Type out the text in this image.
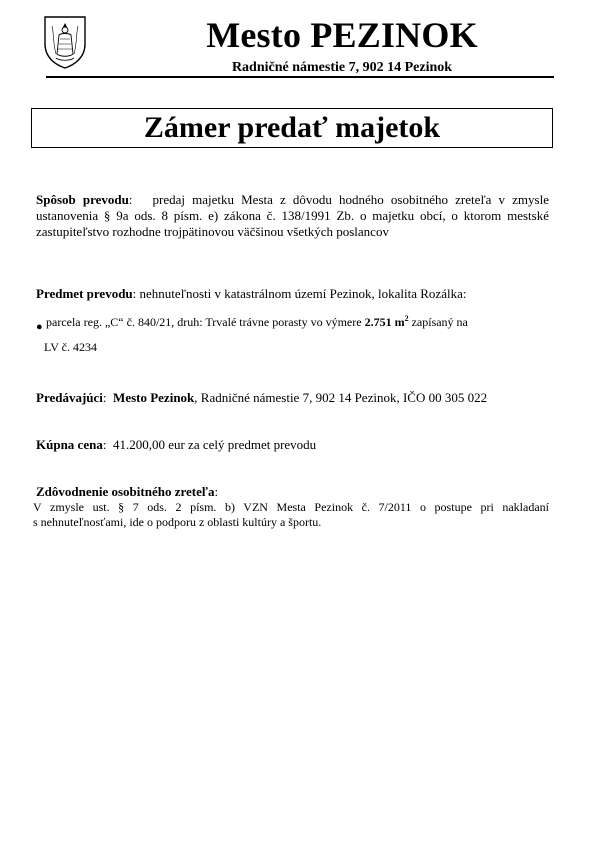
Mesto PEZINOK
Radničné námestie 7, 902 14 Pezinok
Zámer predať majetok
Spôsob prevodu: predaj majetku Mesta z dôvodu hodného osobitného zreteľa v zmysle ustanovenia § 9a ods. 8 písm. e) zákona č. 138/1991 Zb. o majetku obcí, o ktorom mestské zastupiteľstvo rozhodne trojpätinovou väčšinou všetkých poslancov
Predmet prevodu: nehnuteľnosti v katastrálnom území Pezinok, lokalita Rozálka:
● parcela reg. „C“ č. 840/21, druh: Trvalé trávne porasty vo výmere 2.751 $m^2$ zapísaný na
LV č. 4234
Predávajúci: Mesto Pezinok, Radničné námestie 7, 902 14 Pezinok, IČO 00 305 022
Kúpna cena: 41.200,00 eur za celý predmet prevodu
Zdôvodnenie osobitného zreteľa:
V zmysle ust. § 7 ods. 2 písm. b) VZN Mesta Pezinok č. 7/2011 o postupe pri nakladaní
s nehnuteľnosťami, ide o podporu z oblasti kultúry a športu.
